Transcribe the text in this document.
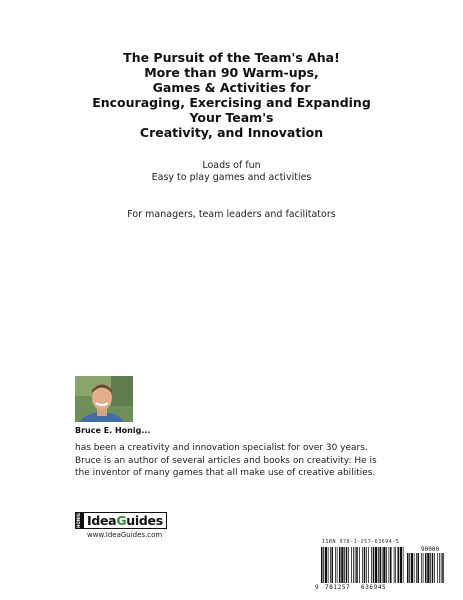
The Pursuit of the Team's Aha!
More than 90 Warm-ups,
Games & Activities for
Encouraging, Exercising and Expanding
Your Team's
Creativity, and Innovation
Loads of fun
Easy to play games and activities
For managers, team leaders and facilitators
Bruce E. Honig...
has been a creativity and innovation specialist for over 30 years. Bruce is an author of several articles and books on creativity: He is the inventor of many games that all make use of creative abilities.
HONIG Idea G uides
www.IdeaGuides.com
ISBN 978-1-257-63694-5
9 781257 636945
90000
